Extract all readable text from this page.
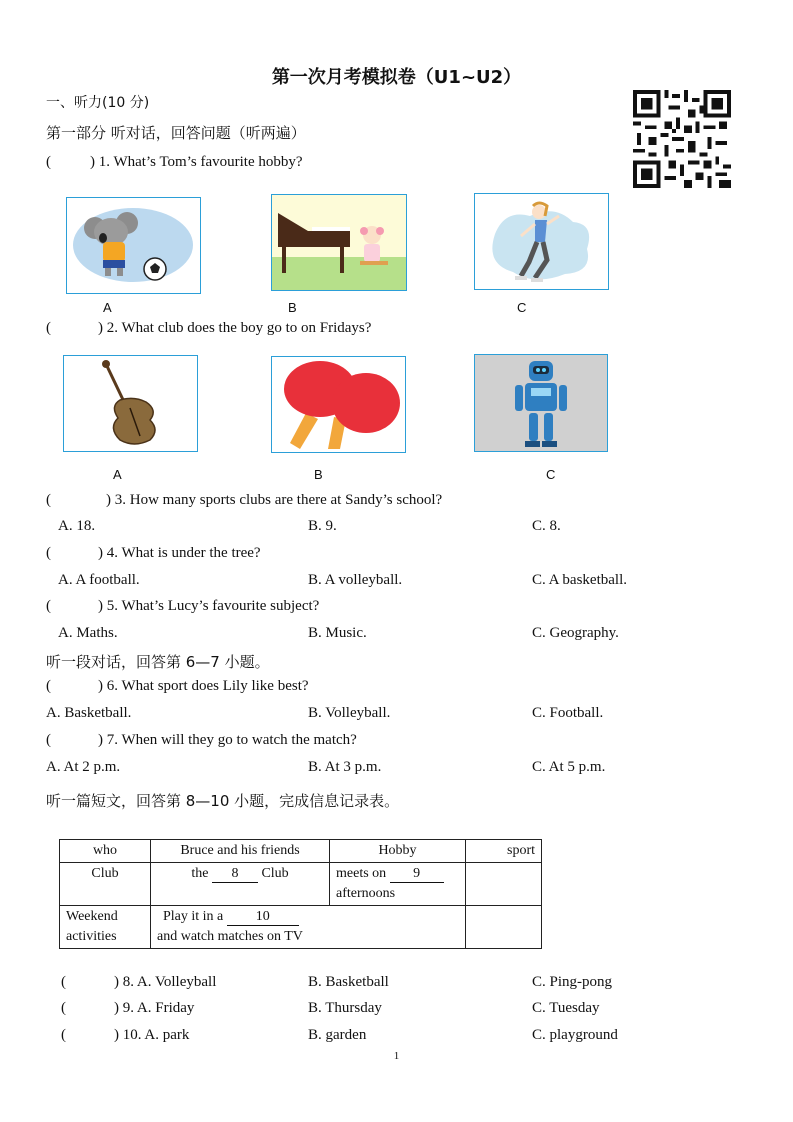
第一次月考模拟卷（U1~U2）
一、听力(10 分)
第一部分 听对话，回答问题（听两遍）
(	) 1. What’s Tom’s favourite hobby?
A	B	C
(	) 2. What club does the boy go to on Fridays?
A	B	C
(	) 3. How many sports clubs are there at Sandy’s school?
A. 18.	B. 9.	C. 8.
(	) 4. What is under the tree?
A. A football.	B. A volleyball.	C. A basketball.
(	) 5. What’s Lucy’s favourite subject?
A. Maths.	B. Music.	C. Geography.
听一段对话，回答第 6—7 小题。
(	) 6. What sport does Lily like best?
A. Basketball.	B. Volleyball.	C. Football.
(	) 7. When will they go to watch the match?
A. At 2 p.m.	B. At 3 p.m.	C. At 5 p.m.
听一篇短文，回答第 8—10 小题，完成信息记录表。
who	Bruce and his friends	Hobby	sport
Club	the 8 Club	meets on 9
afternoons	
Weekend
activities	Play it in a 10
and watch matches on TV		
(	) 8. A. Volleyball	B. Basketball	C. Ping-pong
(	) 9. A. Friday	B. Thursday	C. Tuesday
(	) 10. A. park	B. garden	C. playground
1
